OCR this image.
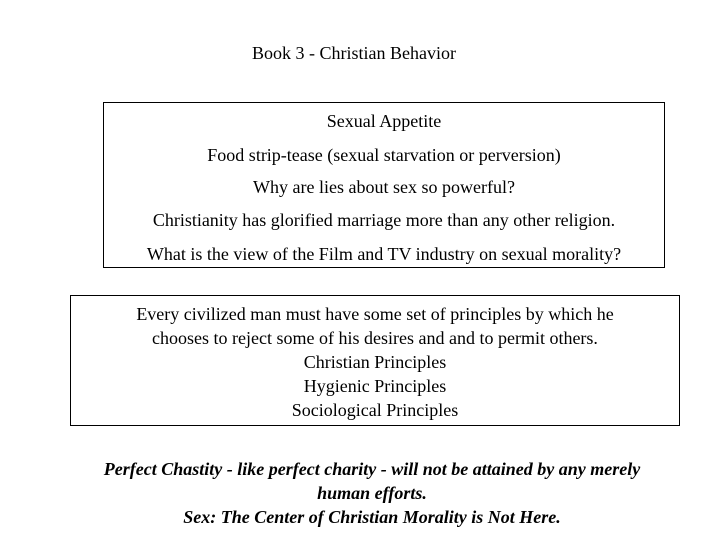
Book 3 - Christian Behavior
Sexual Appetite
Food strip-tease (sexual starvation or perversion)
Why are lies about sex so powerful?
Christianity has glorified marriage more than any other religion.
What is the view of the Film and TV industry on sexual morality?
Every civilized man must have some set of principles by which he
chooses to reject some of his desires and and to permit others.
Christian Principles
Hygienic Principles
Sociological Principles
Perfect Chastity - like perfect charity - will not be attained by any merely
human efforts.
Sex: The Center of Christian Morality is Not Here.
